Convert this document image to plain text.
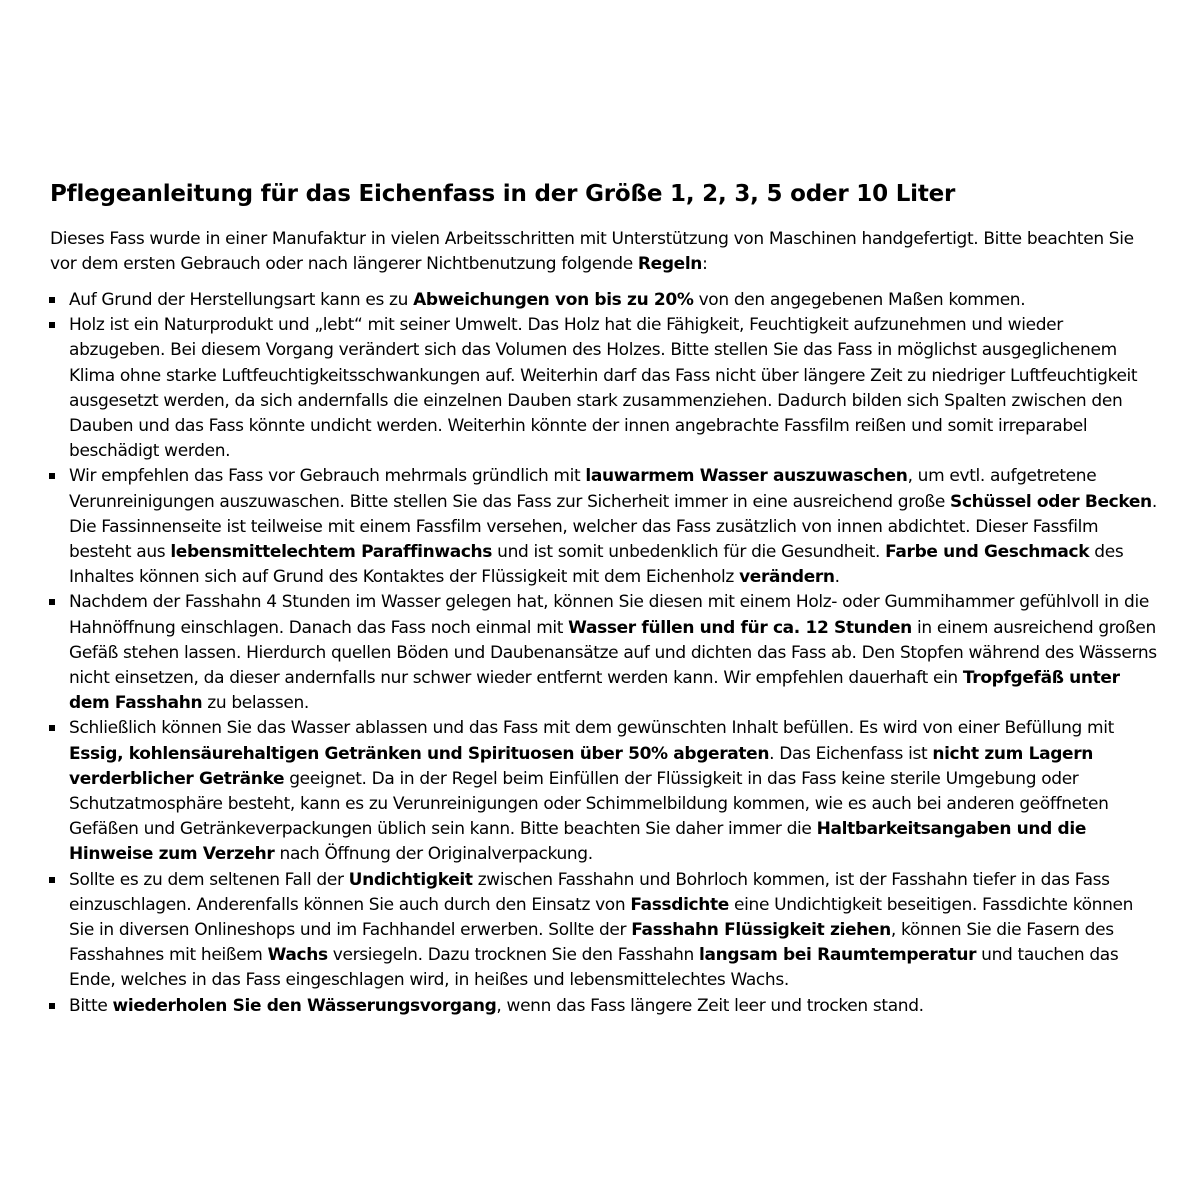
Pflegeanleitung für das Eichenfass in der Größe 1, 2, 3, 5 oder 10 Liter

Dieses Fass wurde in einer Manufaktur in vielen Arbeitsschritten mit Unterstützung von Maschinen handgefertigt. Bitte beachten Sie vor dem ersten Gebrauch oder nach längerer Nichtbenutzung folgende Regeln:

Auf Grund der Herstellungsart kann es zu Abweichungen von bis zu 20% von den angegebenen Maßen kommen.
Holz ist ein Naturprodukt und „lebt“ mit seiner Umwelt. Das Holz hat die Fähigkeit, Feuchtigkeit aufzunehmen und wieder abzugeben. Bei diesem Vorgang verändert sich das Volumen des Holzes. Bitte stellen Sie das Fass in möglichst ausgeglichenem Klima ohne starke Luftfeuchtigkeitsschwankungen auf. Weiterhin darf das Fass nicht über längere Zeit zu niedriger Luftfeuchtigkeit ausgesetzt werden, da sich andernfalls die einzelnen Dauben stark zusammenziehen. Dadurch bilden sich Spalten zwischen den Dauben und das Fass könnte undicht werden. Weiterhin könnte der innen angebrachte Fassfilm reißen und somit irreparabel beschädigt werden.
Wir empfehlen das Fass vor Gebrauch mehrmals gründlich mit lauwarmem Wasser auszuwaschen, um evtl. aufgetretene Verunreinigungen auszuwaschen. Bitte stellen Sie das Fass zur Sicherheit immer in eine ausreichend große Schüssel oder Becken. Die Fassinnenseite ist teilweise mit einem Fassfilm versehen, welcher das Fass zusätzlich von innen abdichtet. Dieser Fassfilm besteht aus lebensmittelechtem Paraffinwachs und ist somit unbedenklich für die Gesundheit. Farbe und Geschmack des Inhaltes können sich auf Grund des Kontaktes der Flüssigkeit mit dem Eichenholz verändern.
Nachdem der Fasshahn 4 Stunden im Wasser gelegen hat, können Sie diesen mit einem Holz- oder Gummihammer gefühlvoll in die Hahnöffnung einschlagen. Danach das Fass noch einmal mit Wasser füllen und für ca. 12 Stunden in einem ausreichend großen Gefäß stehen lassen. Hierdurch quellen Böden und Daubenansätze auf und dichten das Fass ab. Den Stopfen während des Wässerns nicht einsetzen, da dieser andernfalls nur schwer wieder entfernt werden kann. Wir empfehlen dauerhaft ein Tropfgefäß unter dem Fasshahn zu belassen.
Schließlich können Sie das Wasser ablassen und das Fass mit dem gewünschten Inhalt befüllen. Es wird von einer Befüllung mit Essig, kohlensäurehaltigen Getränken und Spirituosen über 50% abgeraten. Das Eichenfass ist nicht zum Lagern verderblicher Getränke geeignet. Da in der Regel beim Einfüllen der Flüssigkeit in das Fass keine sterile Umgebung oder Schutzatmosphäre besteht, kann es zu Verunreinigungen oder Schimmelbildung kommen, wie es auch bei anderen geöffneten Gefäßen und Getränkeverpackungen üblich sein kann. Bitte beachten Sie daher immer die Haltbarkeitsangaben und die Hinweise zum Verzehr nach Öffnung der Originalverpackung.
Sollte es zu dem seltenen Fall der Undichtigkeit zwischen Fasshahn und Bohrloch kommen, ist der Fasshahn tiefer in das Fass einzuschlagen. Anderenfalls können Sie auch durch den Einsatz von Fassdichte eine Undichtigkeit beseitigen. Fassdichte können Sie in diversen Onlineshops und im Fachhandel erwerben. Sollte der Fasshahn Flüssigkeit ziehen, können Sie die Fasern des Fasshahnes mit heißem Wachs versiegeln. Dazu trocknen Sie den Fasshahn langsam bei Raumtemperatur und tauchen das Ende, welches in das Fass eingeschlagen wird, in heißes und lebensmittelechtes Wachs.
Bitte wiederholen Sie den Wässerungsvorgang, wenn das Fass längere Zeit leer und trocken stand.
